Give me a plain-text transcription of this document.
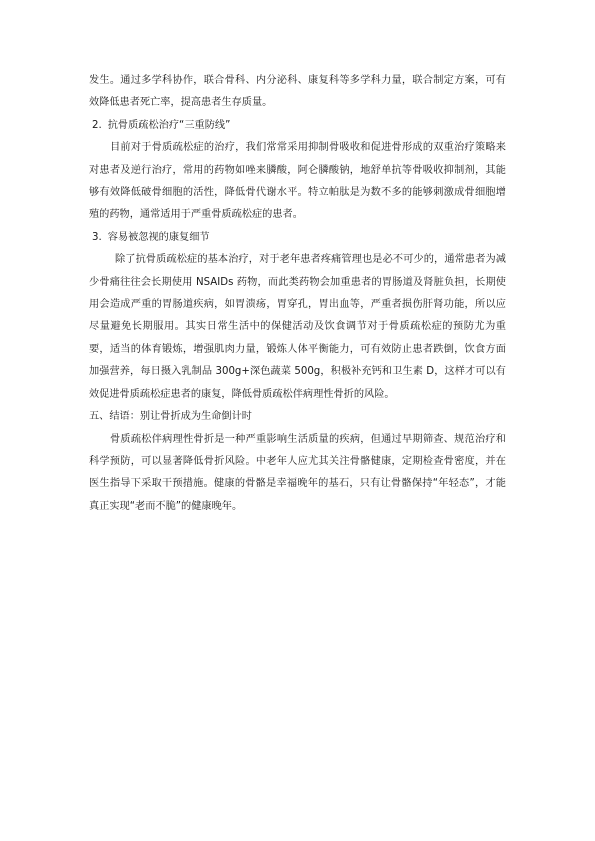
发生。通过多学科协作，联合骨科、内分泌科、康复科等多学科力量，联合制定方案，可有效降低患者死亡率，提高患者生存质量。

2. 抗骨质疏松治疗“三重防线”

目前对于骨质疏松症的治疗，我们常常采用抑制骨吸收和促进骨形成的双重治疗策略来对患者及逆行治疗，常用的药物如唑来膦酸，阿仑膦酸钠，地舒单抗等骨吸收抑制剂，其能够有效降低破骨细胞的活性，降低骨代谢水平。特立帕肽是为数不多的能够刺激成骨细胞增殖的药物，通常适用于严重骨质疏松症的患者。

3. 容易被忽视的康复细节

除了抗骨质疏松症的基本治疗，对于老年患者疼痛管理也是必不可少的，通常患者为减少骨痛往往会长期使用 NSAIDs 药物，而此类药物会加重患者的胃肠道及肾脏负担，长期使用会造成严重的胃肠道疾病，如胃溃疡，胃穿孔，胃出血等，严重者损伤肝肾功能，所以应尽量避免长期服用。其实日常生活中的保健活动及饮食调节对于骨质疏松症的预防尤为重要，适当的体育锻炼，增强肌肉力量，锻炼人体平衡能力，可有效防止患者跌倒，饮食方面加强营养，每日摄入乳制品 300g+深色蔬菜 500g，积极补充钙和卫生素 D，这样才可以有效促进骨质疏松症患者的康复，降低骨质疏松伴病理性骨折的风险。

五、结语：别让骨折成为生命倒计时

骨质疏松伴病理性骨折是一种严重影响生活质量的疾病，但通过早期筛查、规范治疗和科学预防，可以显著降低骨折风险。中老年人应尤其关注骨骼健康，定期检查骨密度，并在医生指导下采取干预措施。健康的骨骼是幸福晚年的基石，只有让骨骼保持“年轻态”，才能真正实现“老而不脆”的健康晚年。
